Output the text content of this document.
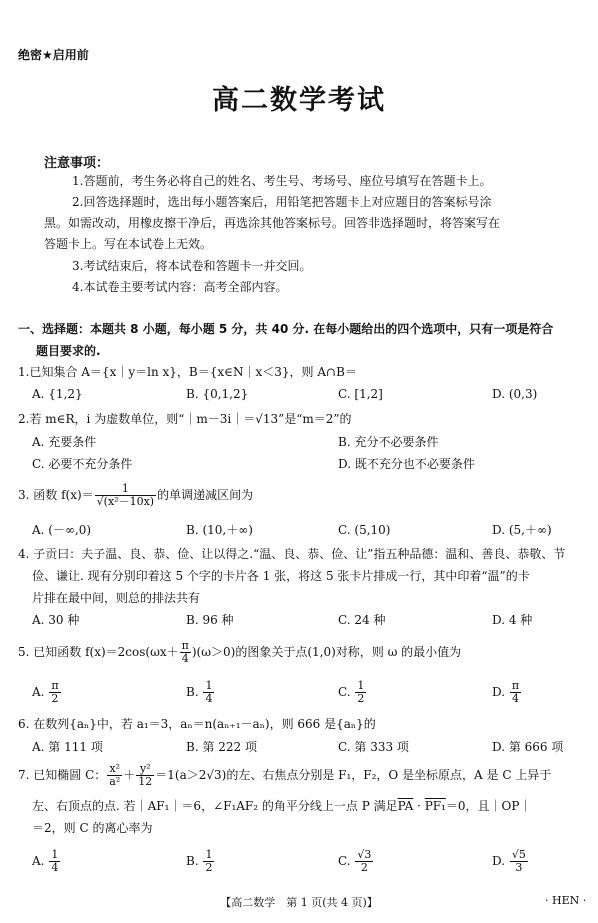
绝密★启用前
高二数学考试
注意事项：
1.答题前，考生务必将自己的姓名、考生号、考场号、座位号填写在答题卡上。
2.回答选择题时，选出每小题答案后，用铅笔把答题卡上对应题目的答案标号涂
黑。如需改动，用橡皮擦干净后，再选涂其他答案标号。回答非选择题时，将答案写在
答题卡上。写在本试卷上无效。
3.考试结束后，将本试卷和答题卡一并交回。
4.本试卷主要考试内容：高考全部内容。
一、选择题：本题共 8 小题，每小题 5 分，共 40 分. 在每小题给出的四个选项中，只有一项是符合
题目要求的.
1.已知集合 A＝{x｜y＝ln x}，B＝{x∈N｜x＜3}，则 A∩B＝
A. {1,2}	B. {0,1,2}	C. [1,2]	D. (0,3)
2.若 m∈R，i 为虚数单位，则“｜m－3i｜＝√13”是“m＝2”的
A. 充要条件	B. 充分不必要条件
C. 必要不充分条件	D. 既不充分也不必要条件
3. 函数 $f(x)= \frac{1}{\text{√(x²－10x)}}$ 的单调递减区间为
A. (－∞,0)	B. (10,＋∞)	C. (5,10)	D. (5,＋∞)
4. 子贡曰：夫子温、良、恭、俭、让以得之.“温、良、恭、俭、让”指五种品德：温和、善良、恭敬、节
俭、谦让. 现有分别印着这 5 个字的卡片各 1 张，将这 5 张卡片排成一行，其中印着“温”的卡
片排在最中间，则总的排法共有
A. 30 种	B. 96 种	C. 24 种	D. 4 种
5. 已知函数 $f(x)=2\cos(\omega x+ \frac{\pi}{4} )(\omega>0)$的图象关于点(1,0)对称，则 ω 的最小值为
A. $\frac{\pi}{2}$	B. $\frac{1}{4}$	C. $\frac{1}{2}$	D. $\frac{\pi}{4}$
6. 在数列{aₙ}中，若 a₁＝3，aₙ＝n(aₙ₊₁－aₙ)，则 666 是{aₙ}的
A. 第 111 项	B. 第 222 项	C. 第 333 项	D. 第 666 项
7. 已知椭圆 C： $\frac{\text{x²}}{\text{a²}} + \frac{\text{y²}}{12} =1(a>2√3)$的左、右焦点分别是 F₁，F₂，O 是坐标原点，A 是 C 上异于
左、右顶点的点. 若｜AF₁｜＝6，∠F₁AF₂ 的角平分线上一点 P 满足$\overline{PA} \cdot PF_1=0$，且｜OP｜
＝2，则 C 的离心率为
A. $\frac{1}{4}$	B. $\frac{1}{2}$	C. $\frac{√3}{2}$	D. $\frac{√5}{3}$
【高二数学　第 1 页(共 4 页)】	· HEN ·
